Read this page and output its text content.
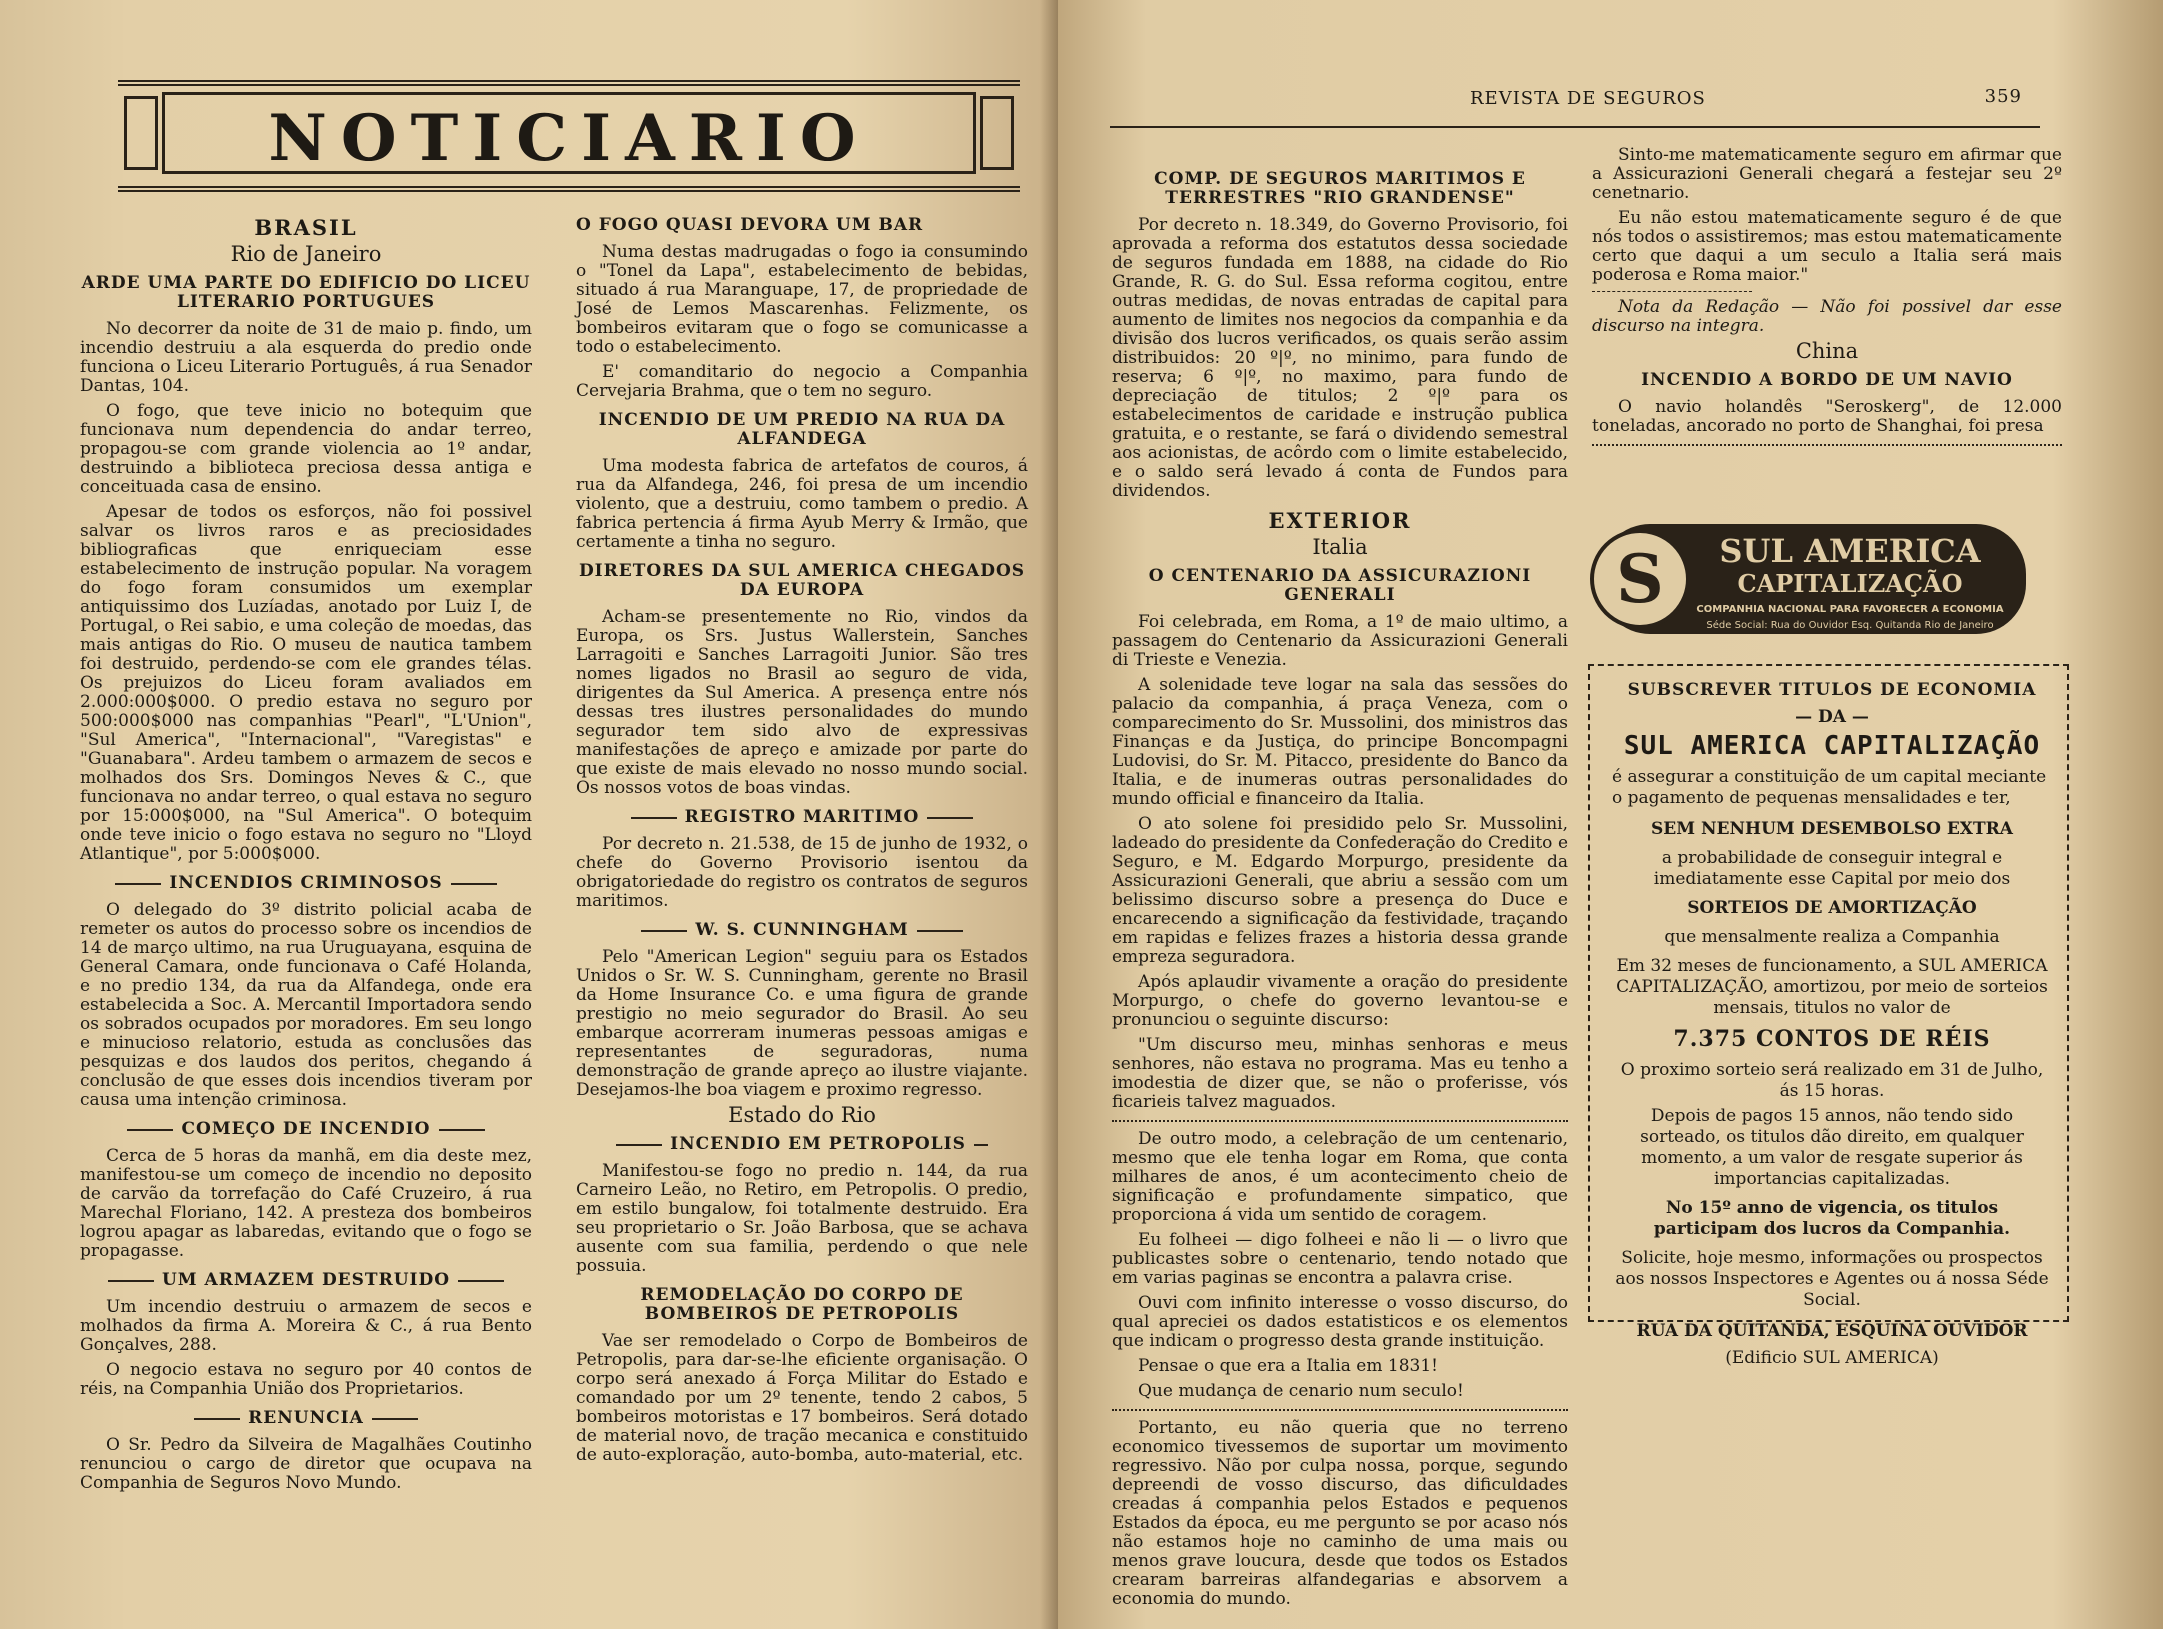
NOTICIARIO
BRASIL
Rio de Janeiro
ARDE UMA PARTE DO EDIFICIO DO LICEU LITERARIO PORTUGUES

No decorrer da noite de 31 de maio p. findo, um incendio destruiu a ala esquerda do predio onde funciona o Liceu Literario Português, á rua Senador Dantas, 104.

O fogo, que teve inicio no botequim que funcionava num dependencia do andar terreo, propagou-se com grande violencia ao 1º andar, destruindo a biblioteca preciosa dessa antiga e conceituada casa de ensino.

Apesar de todos os esforços, não foi possivel salvar os livros raros e as preciosidades bibliograficas que enriqueciam esse estabelecimento de instrução popular. Na voragem do fogo foram consumidos um exemplar antiquissimo dos Luzíadas, anotado por Luiz I, de Portugal, o Rei sabio, e uma coleção de moedas, das mais antigas do Rio. O museu de nautica tambem foi destruido, perdendo-se com ele grandes télas. Os prejuizos do Liceu foram avaliados em 2.000:000$000. O predio estava no seguro por 500:000$000 nas companhias "Pearl", "L'Union", "Sul America", "Internacional", "Varegistas" e "Guanabara". Ardeu tambem o armazem de secos e molhados dos Srs. Domingos Neves & C., que funcionava no andar terreo, o qual estava no seguro por 15:000$000, na "Sul America". O botequim onde teve inicio o fogo estava no seguro no "Lloyd Atlantique", por 5:000$000.

INCENDIOS CRIMINOSOS

O delegado do 3º distrito policial acaba de remeter os autos do processo sobre os incendios de 14 de março ultimo, na rua Uruguayana, esquina de General Camara, onde funcionava o Café Holanda, e no predio 134, da rua da Alfandega, onde era estabelecida a Soc. A. Mercantil Importadora sendo os sobrados ocupados por moradores. Em seu longo e minucioso relatorio, estuda as conclusões das pesquizas e dos laudos dos peritos, chegando á conclusão de que esses dois incendios tiveram por causa uma intenção criminosa.

COMEÇO DE INCENDIO

Cerca de 5 horas da manhã, em dia deste mez, manifestou-se um começo de incendio no deposito de carvão da torrefação do Café Cruzeiro, á rua Marechal Floriano, 142. A presteza dos bombeiros logrou apagar as labaredas, evitando que o fogo se propagasse.

UM ARMAZEM DESTRUIDO

Um incendio destruiu o armazem de secos e molhados da firma A. Moreira & C., á rua Bento Gonçalves, 288.

O negocio estava no seguro por 40 contos de réis, na Companhia União dos Proprietarios.

RENUNCIA

O Sr. Pedro da Silveira de Magalhães Coutinho renunciou o cargo de diretor que ocupava na Companhia de Seguros Novo Mundo.

O FOGO QUASI DEVORA UM BAR

Numa destas madrugadas o fogo ia consumindo o "Tonel da Lapa", estabelecimento de bebidas, situado á rua Maranguape, 17, de propriedade de José de Lemos Mascarenhas. Felizmente, os bombeiros evitaram que o fogo se comunicasse a todo o estabelecimento.

E' comanditario do negocio a Companhia Cervejaria Brahma, que o tem no seguro.

INCENDIO DE UM PREDIO NA RUA DA ALFANDEGA

Uma modesta fabrica de artefatos de couros, á rua da Alfandega, 246, foi presa de um incendio violento, que a destruiu, como tambem o predio. A fabrica pertencia á firma Ayub Merry & Irmão, que certamente a tinha no seguro.

DIRETORES DA SUL AMERICA CHEGADOS DA EUROPA

Acham-se presentemente no Rio, vindos da Europa, os Srs. Justus Wallerstein, Sanches Larragoiti e Sanches Larragoiti Junior. São tres nomes ligados no Brasil ao seguro de vida, dirigentes da Sul America. A presença entre nós dessas tres ilustres personalidades do mundo segurador tem sido alvo de expressivas manifestações de apreço e amizade por parte do que existe de mais elevado no nosso mundo social. Os nossos votos de boas vindas.

REGISTRO MARITIMO

Por decreto n. 21.538, de 15 de junho de 1932, o chefe do Governo Provisorio isentou da obrigatoriedade do registro os contratos de seguros maritimos.

W. S. CUNNINGHAM

Pelo "American Legion" seguiu para os Estados Unidos o Sr. W. S. Cunningham, gerente no Brasil da Home Insurance Co. e uma figura de grande prestigio no meio segurador do Brasil. Ao seu embarque acorreram inumeras pessoas amigas e representantes de seguradoras, numa demonstração de grande apreço ao ilustre viajante. Desejamos-lhe boa viagem e proximo regresso.

Estado do Rio
INCENDIO EM PETROPOLIS

Manifestou-se fogo no predio n. 144, da rua Carneiro Leão, no Retiro, em Petropolis. O predio, em estilo bungalow, foi totalmente destruido. Era seu proprietario o Sr. João Barbosa, que se achava ausente com sua familia, perdendo o que nele possuia.

REMODELAÇÃO DO CORPO DE BOMBEIROS DE PETROPOLIS

Vae ser remodelado o Corpo de Bombeiros de Petropolis, para dar-se-lhe eficiente organisação. O corpo será anexado á Força Militar do Estado e comandado por um 2º tenente, tendo 2 cabos, 5 bombeiros motoristas e 17 bombeiros. Será dotado de material novo, de tração mecanica e constituido de auto-exploração, auto-bomba, auto-material, etc.

REVISTA DE SEGUROS	359
COMP. DE SEGUROS MARITIMOS E TERRESTRES "RIO GRANDENSE"

Por decreto n. 18.349, do Governo Provisorio, foi aprovada a reforma dos estatutos dessa sociedade de seguros fundada em 1888, na cidade do Rio Grande, R. G. do Sul. Essa reforma cogitou, entre outras medidas, de novas entradas de capital para aumento de limites nos negocios da companhia e da divisão dos lucros verificados, os quais serão assim distribuidos: 20 º|º, no minimo, para fundo de reserva; 6 º|º, no maximo, para fundo de depreciação de titulos; 2 º|º para os estabelecimentos de caridade e instrução publica gratuita, e o restante, se fará o dividendo semestral aos acionistas, de acôrdo com o limite estabelecido, e o saldo será levado á conta de Fundos para dividendos.

EXTERIOR
Italia
O CENTENARIO DA ASSICURAZIONI GENERALI

Foi celebrada, em Roma, a 1º de maio ultimo, a passagem do Centenario da Assicurazioni Generali di Trieste e Venezia.

A solenidade teve logar na sala das sessões do palacio da companhia, á praça Veneza, com o comparecimento do Sr. Mussolini, dos ministros das Finanças e da Justiça, do principe Boncompagni Ludovisi, do Sr. M. Pitacco, presidente do Banco da Italia, e de inumeras outras personalidades do mundo official e financeiro da Italia.

O ato solene foi presidido pelo Sr. Mussolini, ladeado do presidente da Confederação do Credito e Seguro, e M. Edgardo Morpurgo, presidente da Assicurazioni Generali, que abriu a sessão com um belissimo discurso sobre a presença do Duce e encarecendo a significação da festividade, traçando em rapidas e felizes frazes a historia dessa grande empreza seguradora.

Após aplaudir vivamente a oração do presidente Morpurgo, o chefe do governo levantou-se e pronunciou o seguinte discurso:

"Um discurso meu, minhas senhoras e meus senhores, não estava no programa. Mas eu tenho a imodestia de dizer que, se não o proferisse, vós ficarieis talvez maguados.

De outro modo, a celebração de um centenario, mesmo que ele tenha logar em Roma, que conta milhares de anos, é um acontecimento cheio de significação e profundamente simpatico, que proporciona á vida um sentido de coragem.

Eu folheei — digo folheei e não li — o livro que publicastes sobre o centenario, tendo notado que em varias paginas se encontra a palavra crise.

Ouvi com infinito interesse o vosso discurso, do qual apreciei os dados estatisticos e os elementos que indicam o progresso desta grande instituição.

Pensae o que era a Italia em 1831!

Que mudança de cenario num seculo!

Portanto, eu não queria que no terreno economico tivessemos de suportar um movimento regressivo. Não por culpa nossa, porque, segundo depreendi de vosso discurso, das dificuldades creadas á companhia pelos Estados e pequenos Estados da época, eu me pergunto se por acaso nós não estamos hoje no caminho de uma mais ou menos grave loucura, desde que todos os Estados crearam barreiras alfandegarias e absorvem a economia do mundo.

Sinto-me matematicamente seguro em afirmar que a Assicurazioni Generali chegará a festejar seu 2º cenetnario.

Eu não estou matematicamente seguro é de que nós todos o assistiremos; mas estou matematicamente certo que daqui a um seculo a Italia será mais poderosa e Roma maior."

Nota da Redação — Não foi possivel dar esse discurso na integra.

China
INCENDIO A BORDO DE UM NAVIO

O navio holandês "Seroskerg", de 12.000 toneladas, ancorado no porto de Shanghai, foi presa

S SUL AMERICA
CAPITALIZAÇÃO
COMPANHIA NACIONAL PARA FAVORECER A ECONOMIA
Séde Social: Rua do Ouvidor Esq. Quitanda Rio de Janeiro
SUBSCREVER TITULOS DE ECONOMIA
— DA —
SUL AMERICA CAPITALIZAÇÃO
é assegurar a constituição de um capital meciante o pagamento de pequenas mensalidades e ter,
SEM NENHUM DESEMBOLSO EXTRA
a probabilidade de conseguir integral e imediatamente esse Capital por meio dos
SORTEIOS DE AMORTIZAÇÃO
que mensalmente realiza a Companhia
Em 32 meses de funcionamento, a SUL AMERICA CAPITALIZAÇÃO, amortizou, por meio de sorteios mensais, titulos no valor de
7.375 CONTOS DE RÉIS
O proximo sorteio será realizado em 31 de Julho, ás 15 horas.
Depois de pagos 15 annos, não tendo sido sorteado, os titulos dão direito, em qualquer momento, a um valor de resgate superior ás importancias capitalizadas.
No 15º anno de vigencia, os titulos participam dos lucros da Companhia.
Solicite, hoje mesmo, informações ou prospectos aos nossos Inspectores e Agentes ou á nossa Séde Social.
RUA DA QUITANDA, ESQUINA OUVIDOR
(Edificio SUL AMERICA)
